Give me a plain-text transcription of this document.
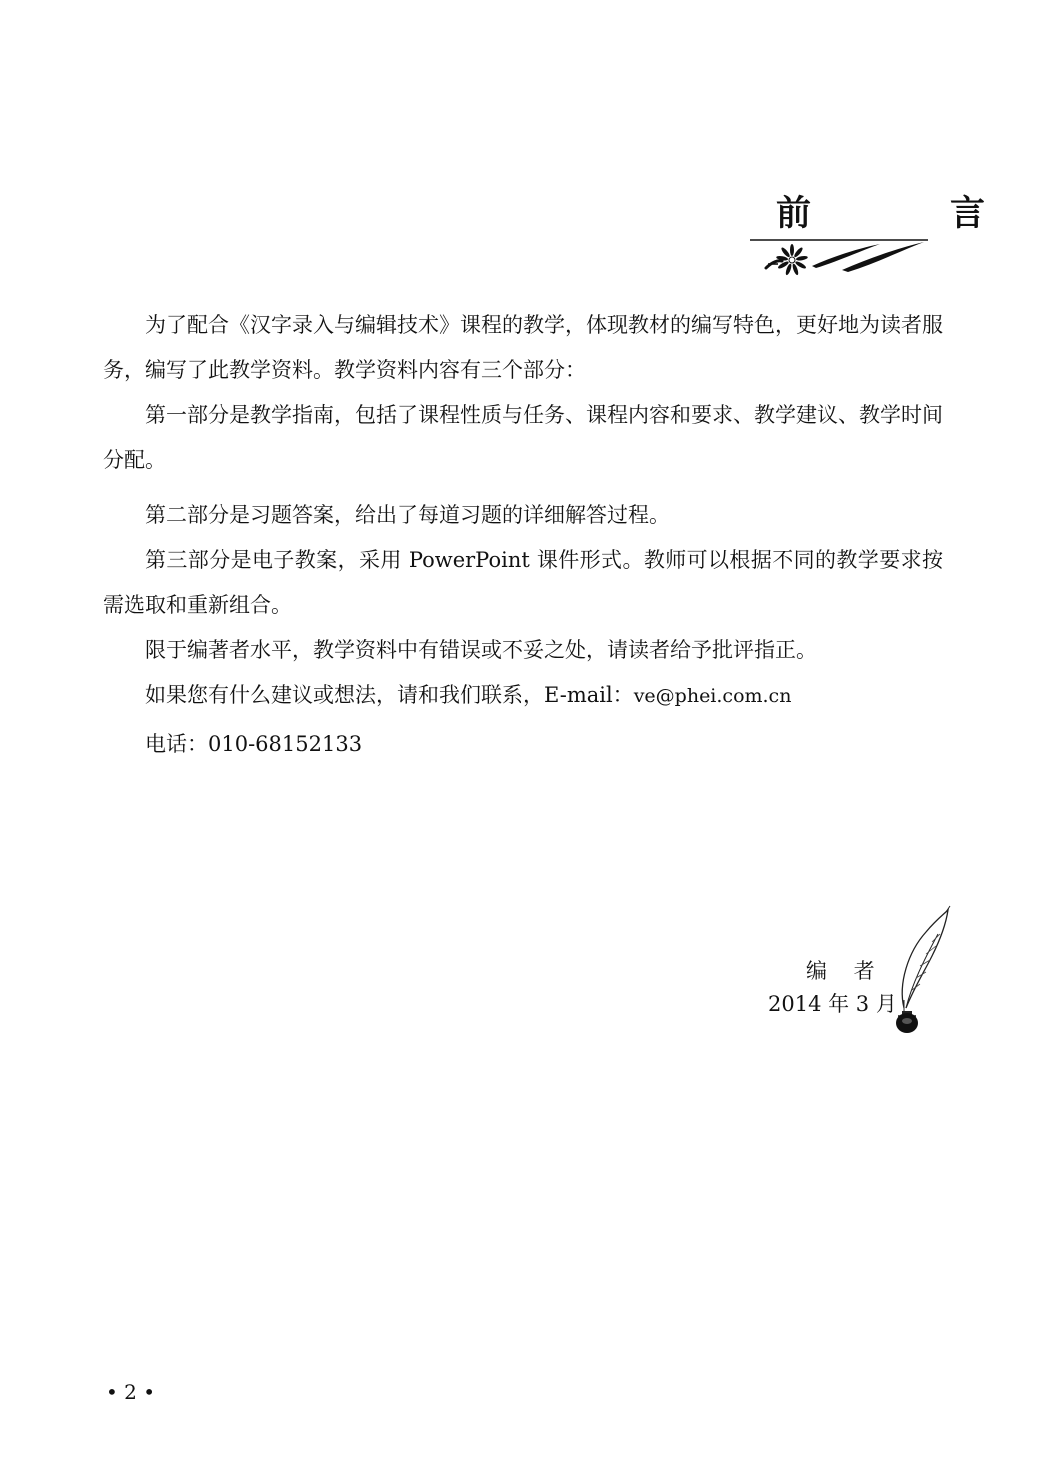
前　言

为了配合《汉字录入与编辑技术》课程的教学，体现教材的编写特色，更好地为读者服务，编写了此教学资料。教学资料内容有三个部分：

第一部分是教学指南，包括了课程性质与任务、课程内容和要求、教学建议、教学时间分配。

第二部分是习题答案，给出了每道习题的详细解答过程。

第三部分是电子教案，采用 PowerPoint 课件形式。教师可以根据不同的教学要求按需选取和重新组合。

限于编著者水平，教学资料中有错误或不妥之处，请读者给予批评指正。

如果您有什么建议或想法，请和我们联系，E-mail：ve@phei.com.cn

电话：010-68152133

编 者
2014 年 3 月
• 2 •
